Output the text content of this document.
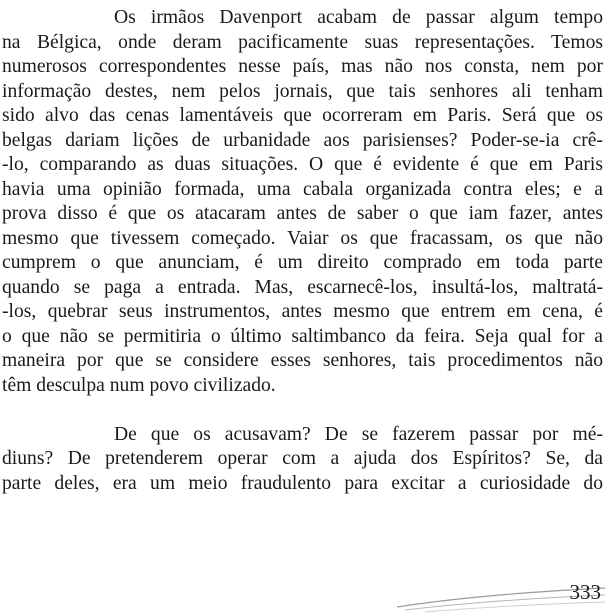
Os irmãos Davenport acabam de passar algum tempo
na Bélgica, onde deram pacificamente suas representações. Temos
numerosos correspondentes nesse país, mas não nos consta, nem por
informação destes, nem pelos jornais, que tais senhores ali tenham
sido alvo das cenas lamentáveis que ocorreram em Paris. Será que os
belgas dariam lições de urbanidade aos parisienses? Poder-se-ia crê-
-lo, comparando as duas situações. O que é evidente é que em Paris
havia uma opinião formada, uma cabala organizada contra eles; e a
prova disso é que os atacaram antes de saber o que iam fazer, antes
mesmo que tivessem começado. Vaiar os que fracassam, os que não
cumprem o que anunciam, é um direito comprado em toda parte
quando se paga a entrada. Mas, escarnecê-los, insultá-los, maltratá-
-los, quebrar seus instrumentos, antes mesmo que entrem em cena, é
o que não se permitiria o último saltimbanco da feira. Seja qual for a
maneira por que se considere esses senhores, tais procedimentos não
têm desculpa num povo civilizado.
De que os acusavam? De se fazerem passar por mé-
diuns? De pretenderem operar com a ajuda dos Espíritos? Se, da
parte deles, era um meio fraudulento para excitar a curiosidade do
333
